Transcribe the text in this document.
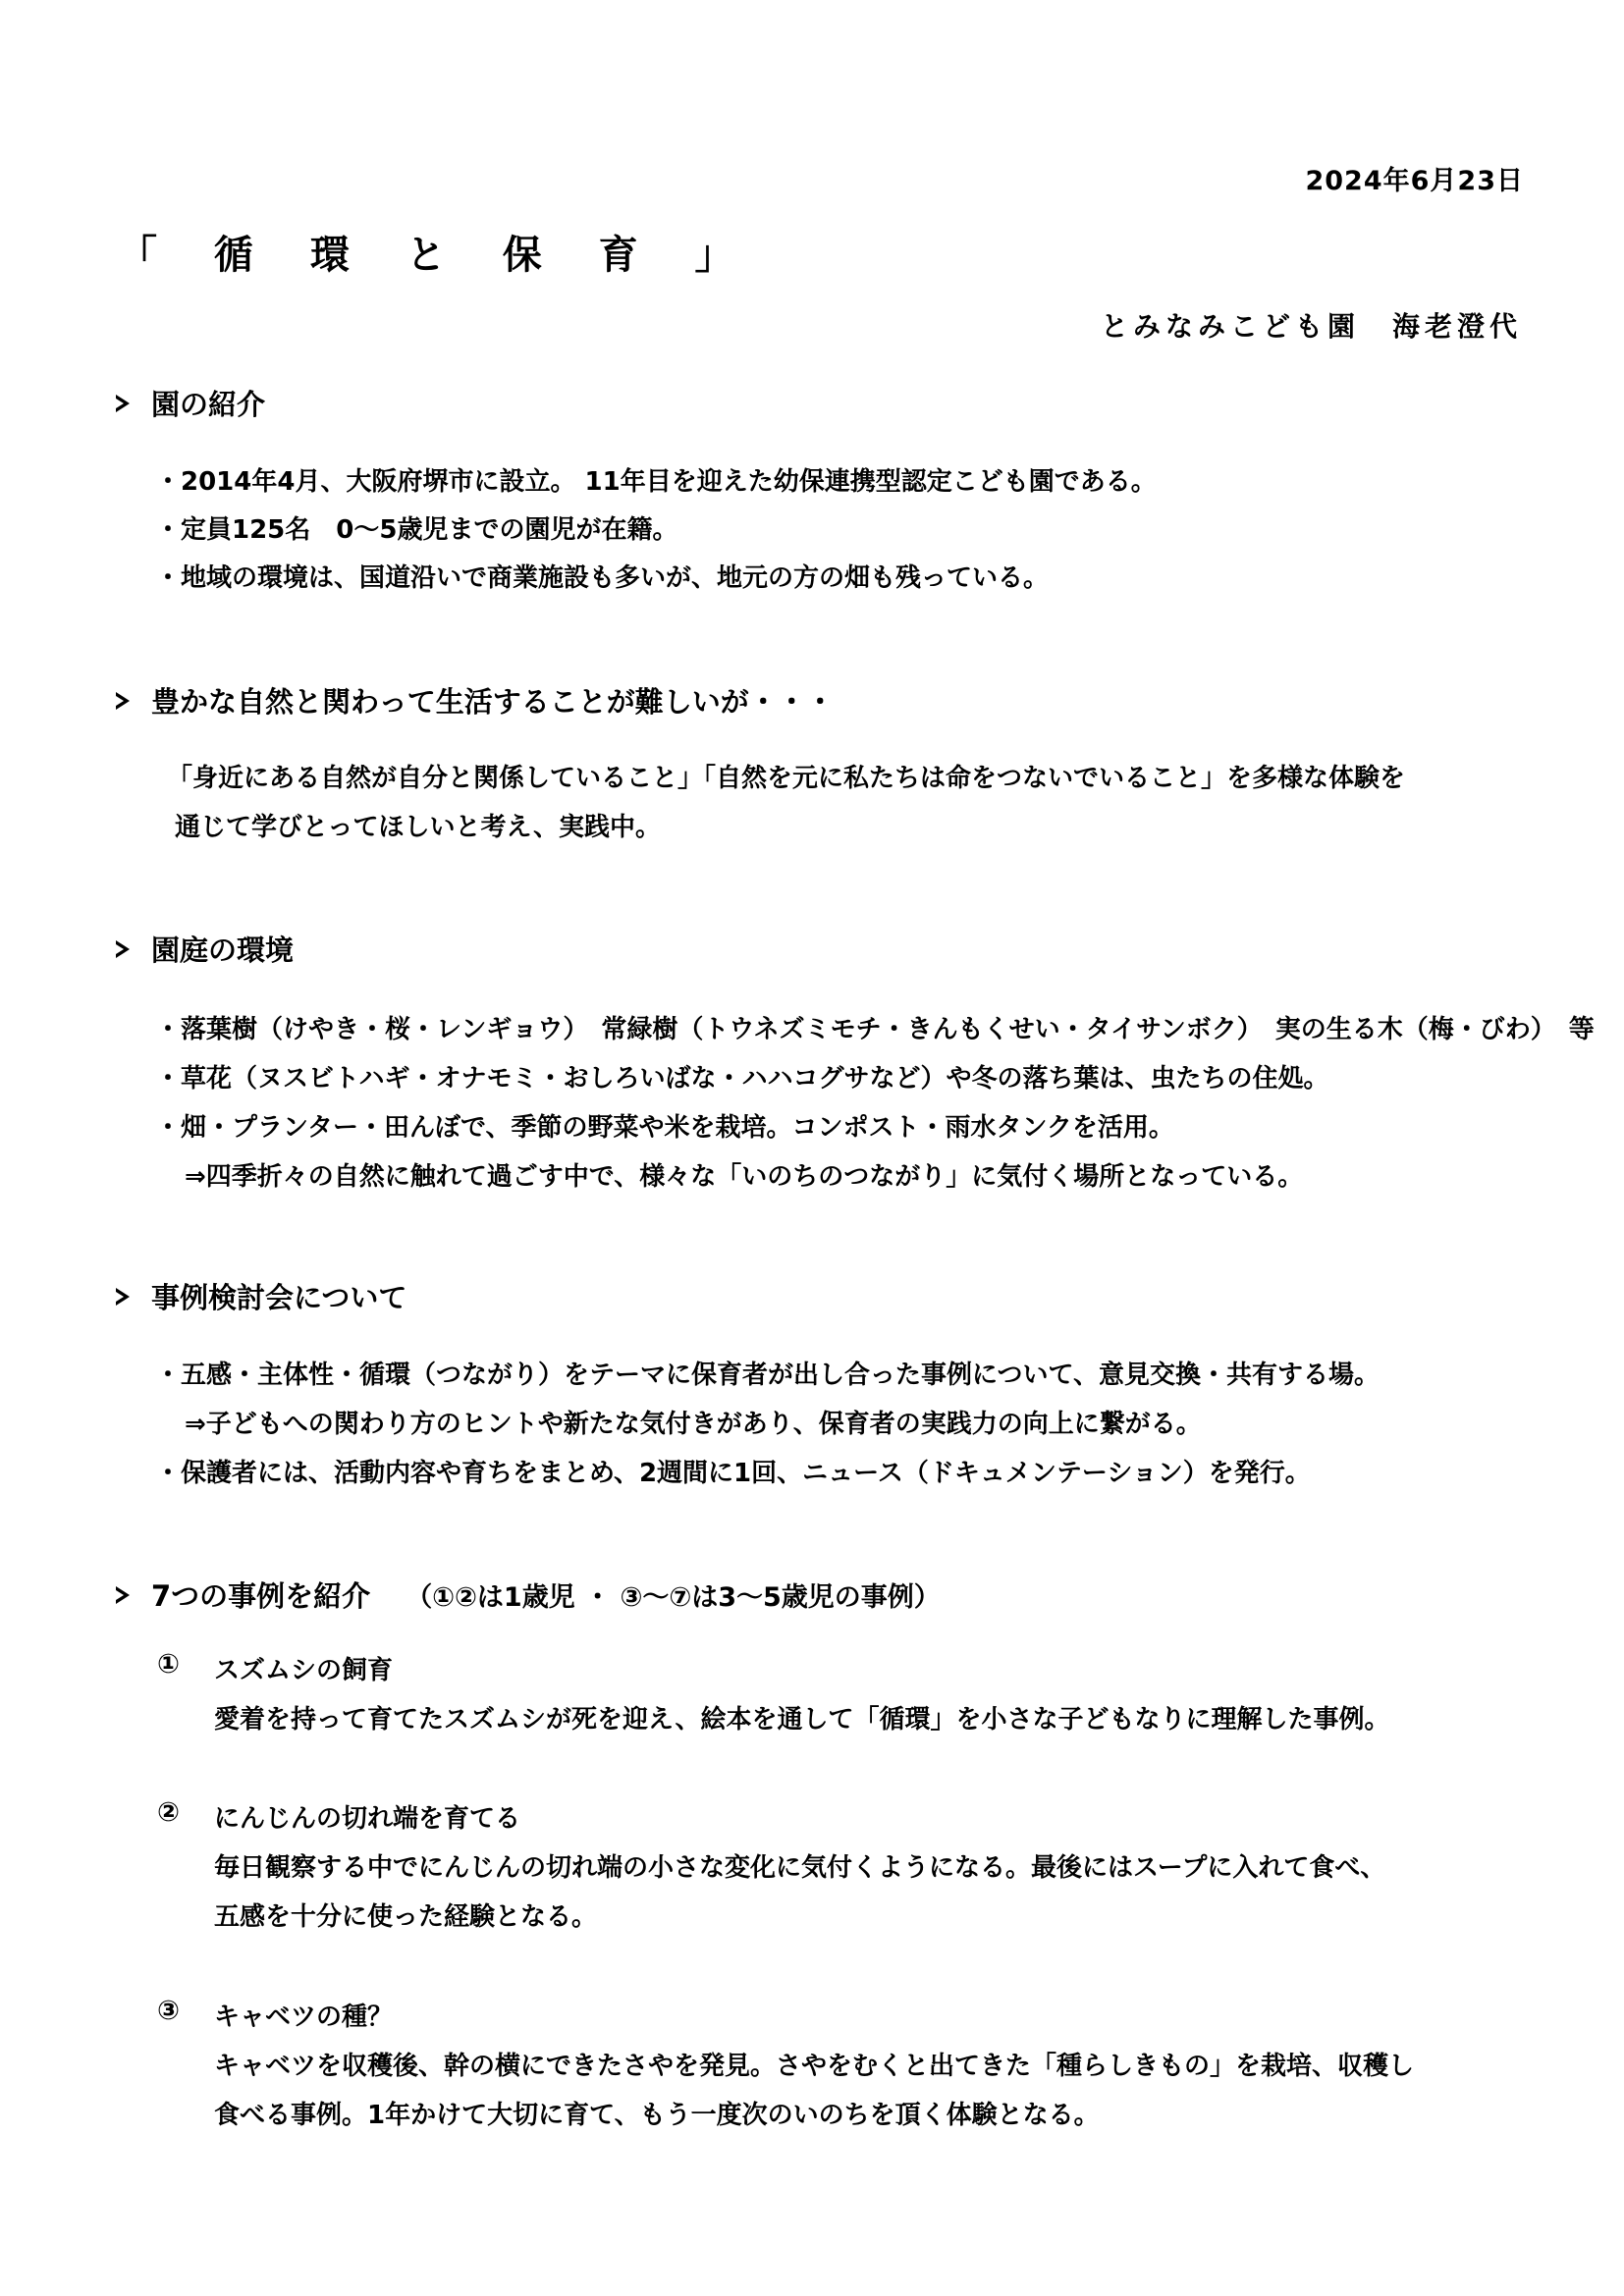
2024年6月23日
「 循 環 と 保 育 」
とみなみこども園　海老澄代
園の紹介
・2014年4月、大阪府堺市に設立。 11年目を迎えた幼保連携型認定こども園である。
・定員125名　0～5歳児までの園児が在籍。
・地域の環境は、国道沿いで商業施設も多いが、地元の方の畑も残っている。
豊かな自然と関わって生活することが難しいが・・・
「身近にある自然が自分と関係していること」「自然を元に私たちは命をつないでいること」を多様な体験を
通じて学びとってほしいと考え、実践中。
園庭の環境
・落葉樹（けやき・桜・レンギョウ）　常緑樹（トウネズミモチ・きんもくせい・タイサンボク）　実の生る木（梅・びわ）　等
・草花（ヌスビトハギ・オナモミ・おしろいばな・ハハコグサなど）や冬の落ち葉は、虫たちの住処。
・畑・プランター・田んぼで、季節の野菜や米を栽培。コンポスト・雨水タンクを活用。
⇒四季折々の自然に触れて過ごす中で、様々な「いのちのつながり」に気付く場所となっている。
事例検討会について
・五感・主体性・循環（つながり）をテーマに保育者が出し合った事例について、意見交換・共有する場。
⇒子どもへの関わり方のヒントや新たな気付きがあり、保育者の実践力の向上に繋がる。
・保護者には、活動内容や育ちをまとめ、2週間に1回、ニュース（ドキュメンテーション）を発行。
7つの事例を紹介 （①②は1歳児 ・ ③～⑦は3～5歳児の事例）
① スズムシの飼育
愛着を持って育てたスズムシが死を迎え、絵本を通して「循環」を小さな子どもなりに理解した事例。
② にんじんの切れ端を育てる
毎日観察する中でにんじんの切れ端の小さな変化に気付くようになる。最後にはスープに入れて食べ、
五感を十分に使った経験となる。
③ キャベツの種？
キャベツを収穫後、幹の横にできたさやを発見。さやをむくと出てきた「種らしきもの」を栽培、収穫し
食べる事例。1年かけて大切に育て、もう一度次のいのちを頂く体験となる。
